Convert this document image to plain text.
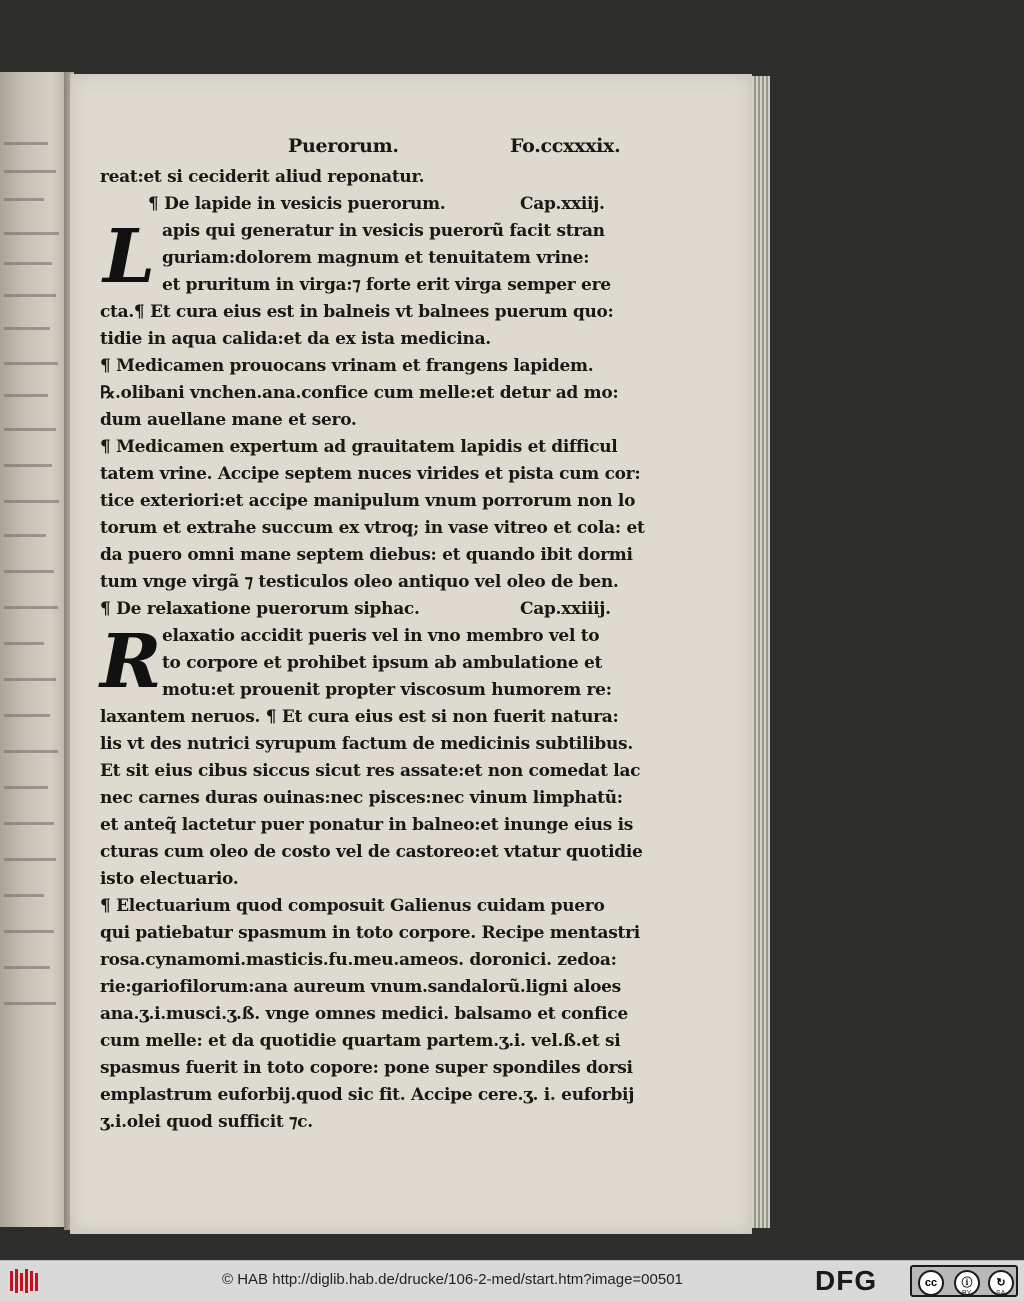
Puerorum.	Fo.ccxxxix.
reat:et si ceciderit aliud reponatur.
¶ De lapide in vesicis puerorum.	Cap.xxiij.
L apis qui generatur in vesicis puerorũ facit stran
guriam:dolorem magnum et tenuitatem vrine:
et pruritum in virga:⁊ forte erit virga semper ere
cta.¶ Et cura eius est in balneis vt balnees puerum quo:
tidie in aqua calida:et da ex ista medicina.
¶ Medicamen prouocans vrinam et frangens lapidem.
℞.olibani vnchen.ana.confice cum melle:et detur ad mo:
dum auellane mane et sero.
¶ Medicamen expertum ad grauitatem lapidis et difficul
tatem vrine. Accipe septem nuces virides et pista cum cor:
tice exteriori:et accipe manipulum vnum porrorum non lo
torum et extrahe succum ex vtroq; in vase vitreo et cola: et
da puero omni mane septem diebus: et quando ibit dormi
tum vnge virgã ⁊ testiculos oleo antiquo vel oleo de ben.
¶ De relaxatione puerorum siphac.	Cap.xxiiij.
R elaxatio accidit pueris vel in vno membro vel to
to corpore et prohibet ipsum ab ambulatione et
motu:et prouenit propter viscosum humorem re:
laxantem neruos. ¶ Et cura eius est si non fuerit natura:
lis vt des nutrici syrupum factum de medicinis subtilibus.
Et sit eius cibus siccus sicut res assate:et non comedat lac
nec carnes duras ouinas:nec pisces:nec vinum limphatũ:
et anteq̃ lactetur puer ponatur in balneo:et inunge eius is
cturas cum oleo de costo vel de castoreo:et vtatur quotidie
isto electuario.
¶ Electuarium quod composuit Galienus cuidam puero
qui patiebatur spasmum in toto corpore. Recipe mentastri
rosa.cynamomi.masticis.fu.meu.ameos. doronici. zedoa:
rie:gariofilorum:ana aureum vnum.sandalorũ.ligni aloes
ana.ʒ.i.musci.ʒ.ß. vnge omnes medici. balsamo et confice
cum melle: et da quotidie quartam partem.ʒ.i. vel.ß.et si
spasmus fuerit in toto copore: pone super spondiles dorsi
emplastrum euforbij.quod sic fit. Accipe cere.ʒ. i. euforbij
ʒ.i.olei quod sufficit ⁊c.
© HAB http://diglib.hab.de/drucke/106-2-med/start.htm?image=00501	DFG	cc	ⓘ	↻
BY	SA
